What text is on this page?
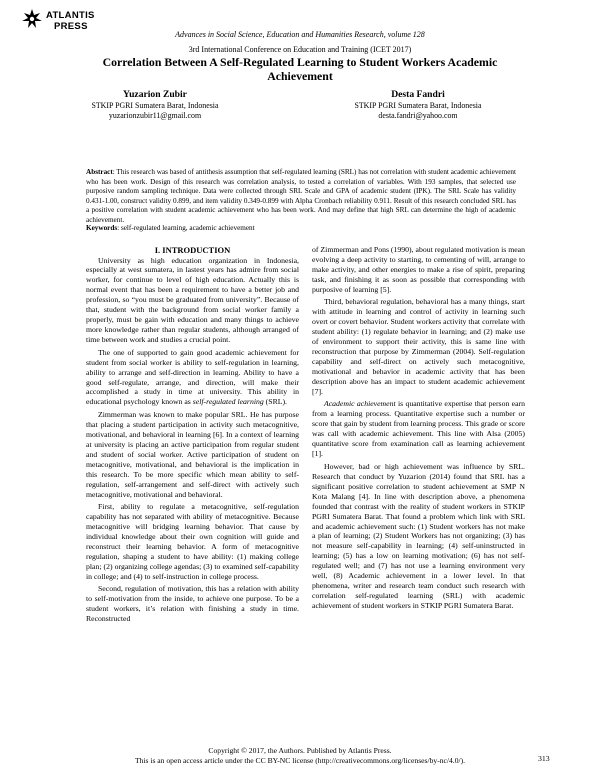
ATLANTIS
PRESS
Advances in Social Science, Education and Humanities Research, volume 128
3rd International Conference on Education and Training (ICET 2017)
Correlation Between A Self-Regulated Learning to Student Workers Academic Achievement
Yuzarion Zubir
STKIP PGRI Sumatera Barat, Indonesia
yuzarionzubir11@gmail.com
Desta Fandri
STKIP PGRI Sumatera Barat, Indonesia
desta.fandri@yahoo.com
Abstract: This research was based of antithesis assumption that self-regulated learning (SRL) has not correlation with student academic achievement who has been work. Design of this research was correlation analysis, to tested a correlation of variables. With 193 samples, that selected use purposive random sampling technique. Data were collected through SRL Scale and GPA of academic student (IPK). The SRL Scale has validity 0.431-1.00, construct validity 0.899, and item validity 0.349-0.899 with Alpha Cronbach reliability 0.911. Result of this research concluded SRL has a positive correlation with student academic achievement who has been work. And may define that high SRL can determine the high of academic achievement.
Keywords: self-regulated learning, academic achievement
I. INTRODUCTION

University as high education organization in Indonesia, especially at west sumatera, in lastest years has admire from social worker, for continue to level of high education. Actually this is normal event that has been a requirement to have a better job and profession, so “you must be graduated from university”. Because of that, student with the background from social worker family a properly, must be gain with education and many things to achieve more knowledge rather than regular students, although arranged of time between work and studies a crucial point.

The one of supported to gain good academic achievement for student from social worker is ability to self-regulation in learning, ability to arrange and self-direction in learning. Ability to have a good self-regulate, arrange, and direction, will make their accomplished a study in time at university. This ability in educational psychology known as self-regulated learning (SRL).

Zimmerman was known to make popular SRL. He has purpose that placing a student participation in activity such metacognitive, motivational, and behavioral in learning [6]. In a context of learning at university is placing an active participation from regular student and student of social worker. Active participation of student on metacognitive, motivational, and behavioral is the implication in this research. To be more specific which mean ability to self-regulation, self-arrangement and self-direct with actively such metacognitive, motivational and behavioral.

First, ability to regulate a metacognitive, self-regulation capability has not separated with ability of metacognitive. Because metacognitive will bridging learning behavior. That cause by individual knowledge about their own cognition will guide and reconstruct their learning behavior. A form of metacognitive regulation, shaping a student to have ability: (1) making college plan; (2) organizing college agendas; (3) to examined self-capability in college; and (4) to self-instruction in college process.

Second, regulation of motivation, this has a relation with ability to self-motivation from the inside, to achieve one purpose. To be a student workers, it’s relation with finishing a study in time. Reconstructed

of Zimmerman and Pons (1990), about regulated motivation is mean evolving a deep activity to starting, to cementing of will, arrange to make activity, and other energies to make a rise of spirit, preparing task, and finishing it as soon as possible that corresponding with purposive of learning [5].

Third, behavioral regulation, behavioral has a many things, start with attitude in learning and control of activity in learning such overt or covert behavior. Student workers activity that correlate with student ability: (1) regulate behavior in learning; and (2) make use of environment to support their activity, this is same line with reconstruction that purpose by Zimmerman (2004). Self-regulation capability and self-direct on actively such metacognitive, motivational and behavior in academic activity that has been description above has an impact to student academic achievement [7].

Academic achievement is quantitative expertise that person earn from a learning process. Quantitative expertise such a number or score that gain by student from learning process. This grade or score was call with academic achievement. This line with Alsa (2005) quantitative score from examination call as learning achievement [1].

However, bad or high achievement was influence by SRL. Research that conduct by Yuzarion (2014) found that SRL has a significant positive correlation to student achievement at SMP N Kota Malang [4]. In line with description above, a phenomena founded that contrast with the reality of student workers in STKIP PGRI Sumatera Barat. That found a problem which link with SRL and academic achievement such: (1) Student workers has not make a plan of learning; (2) Student Workers has not organizing; (3) has not measure self-capability in learning; (4) self-uninstructed in learning; (5) has a low on learning motivation; (6) has not self-regulated well; and (7) has not use a learning environment very well, (8) Academic achievement in a lower level. In that phenomena, writer and research team conduct such research with correlation self-regulated learning (SRL) with academic achievement of student workers in STKIP PGRI Sumatera Barat.

Copyright © 2017, the Authors. Published by Atlantis Press.
This is an open access article under the CC BY-NC license (http://creativecommons.org/licenses/by-nc/4.0/).	313
